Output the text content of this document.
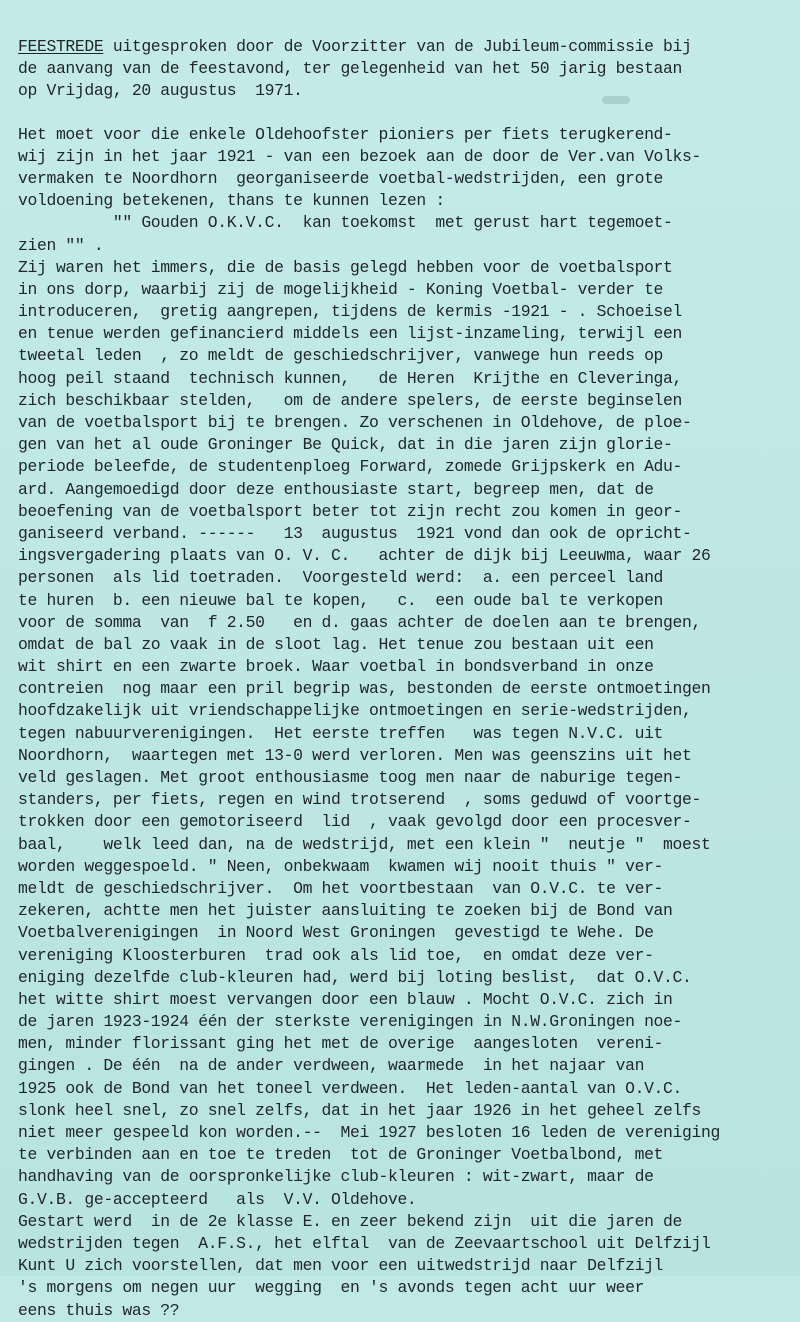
FEESTREDE uitgesproken door de Voorzitter van de Jubileum-commissie bij
de aanvang van de feestavond, ter gelegenheid van het 50 jarig bestaan
op Vrijdag, 20 augustus  1971.
Het moet voor die enkele Oldehoofster pioniers per fiets terugkerend-
wij zijn in het jaar 1921 - van een bezoek aan de door de Ver.van Volks-
vermaken te Noordhorn  georganiseerde voetbal-wedstrijden, een grote
voldoening betekenen, thans te kunnen lezen :
"" Gouden O.K.V.C.  kan toekomst  met gerust hart tegemoet-
zien "" .
Zij waren het immers, die de basis gelegd hebben voor de voetbalsport
in ons dorp, waarbij zij de mogelijkheid - Koning Voetbal- verder te
introduceren,  gretig aangrepen, tijdens de kermis -1921 - . Schoeisel
en tenue werden gefinancierd middels een lijst-inzameling, terwijl een
tweetal leden  , zo meldt de geschiedschrijver, vanwege hun reeds op
hoog peil staand  technisch kunnen,   de Heren  Krijthe en Cleveringa,
zich beschikbaar stelden,   om de andere spelers, de eerste beginselen
van de voetbalsport bij te brengen. Zo verschenen in Oldehove, de ploe-
gen van het al oude Groninger Be Quick, dat in die jaren zijn glorie-
periode beleefde, de studentenploeg Forward, zomede Grijpskerk en Adu-
ard. Aangemoedigd door deze enthousiaste start, begreep men, dat de
beoefening van de voetbalsport beter tot zijn recht zou komen in geor-
ganiseerd verband. ------   13  augustus  1921 vond dan ook de opricht-
ingsvergadering plaats van O. V. C.   achter de dijk bij Leeuwma, waar 26
personen  als lid toetraden.  Voorgesteld werd:  a. een perceel land
te huren  b. een nieuwe bal te kopen,   c.  een oude bal te verkopen
voor de somma  van  f 2.50   en d. gaas achter de doelen aan te brengen,
omdat de bal zo vaak in de sloot lag. Het tenue zou bestaan uit een
wit shirt en een zwarte broek. Waar voetbal in bondsverband in onze
contreien  nog maar een pril begrip was, bestonden de eerste ontmoetingen
hoofdzakelijk uit vriendschappelijke ontmoetingen en serie-wedstrijden,
tegen nabuurverenigingen.  Het eerste treffen   was tegen N.V.C. uit
Noordhorn,  waartegen met 13-0 werd verloren. Men was geenszins uit het
veld geslagen. Met groot enthousiasme toog men naar de naburige tegen-
standers, per fiets, regen en wind trotserend  , soms geduwd of voortge-
trokken door een gemotoriseerd  lid  , vaak gevolgd door een procesver-
baal,    welk leed dan, na de wedstrijd, met een klein "  neutje "  moest
worden weggespoeld. " Neen, onbekwaam  kwamen wij nooit thuis " ver-
meldt de geschiedschrijver.  Om het voortbestaan  van O.V.C. te ver-
zekeren, achtte men het juister aansluiting te zoeken bij de Bond van
Voetbalverenigingen  in Noord West Groningen  gevestigd te Wehe. De
vereniging Kloosterburen  trad ook als lid toe,  en omdat deze ver-
eniging dezelfde club-kleuren had, werd bij loting beslist,  dat O.V.C.
het witte shirt moest vervangen door een blauw . Mocht O.V.C. zich in
de jaren 1923-1924 één der sterkste verenigingen in N.W.Groningen noe-
men, minder florissant ging het met de overige  aangesloten  vereni-
gingen . De één  na de ander verdween, waarmede  in het najaar van
1925 ook de Bond van het toneel verdween.  Het leden-aantal van O.V.C.
slonk heel snel, zo snel zelfs, dat in het jaar 1926 in het geheel zelfs
niet meer gespeeld kon worden.--  Mei 1927 besloten 16 leden de vereniging
te verbinden aan en toe te treden  tot de Groninger Voetbalbond, met
handhaving van de oorspronkelijke club-kleuren : wit-zwart, maar de
G.V.B. ge-accepteerd   als  V.V. Oldehove.
Gestart werd  in de 2e klasse E. en zeer bekend zijn  uit die jaren de
wedstrijden tegen  A.F.S., het elftal  van de Zeevaartschool uit Delfzijl
Kunt U zich voorstellen, dat men voor een uitwedstrijd naar Delfzijl
's morgens om negen uur  wegging  en 's avonds tegen acht uur weer
eens thuis was ??
